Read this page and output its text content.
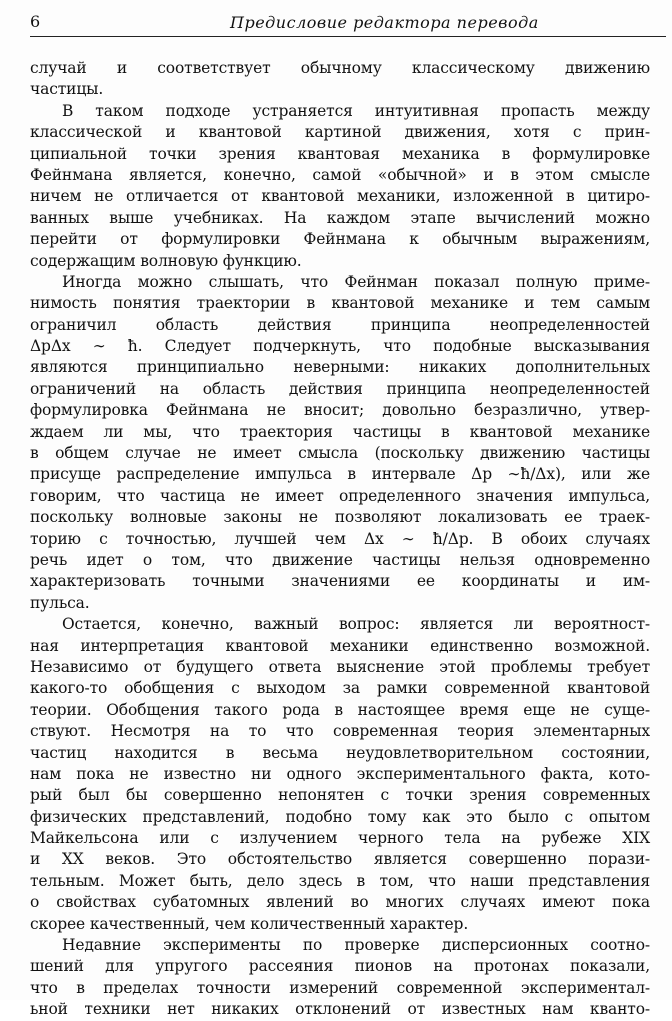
6	Предисловие редактора перевода
случай и соответствует обычному классическому движению
частицы.
В таком подходе устраняется интуитивная пропасть между
классической и квантовой картиной движения, хотя с прин-
ципиальной точки зрения квантовая механика в формулировке
Фейнмана является, конечно, самой «обычной» и в этом смысле
ничем не отличается от квантовой механики, изложенной в цитиро-
ванных выше учебниках. На каждом этапе вычислений можно
перейти от формулировки Фейнмана к обычным выражениям,
содержащим волновую функцию.
Иногда можно слышать, что Фейнман показал полную приме-
нимость понятия траектории в квантовой механике и тем самым
ограничил область действия принципа неопределенностей
ΔpΔx ∼ ħ. Следует подчеркнуть, что подобные высказывания
являются принципиально неверными: никаких дополнительных
ограничений на область действия принципа неопределенностей
формулировка Фейнмана не вносит; довольно безразлично, утвер-
ждаем ли мы, что траектория частицы в квантовой механике
в общем случае не имеет смысла (поскольку движению частицы
присуще распределение импульса в интервале Δp ∼ħ/Δx), или же
говорим, что частица не имеет определенного значения импульса,
поскольку волновые законы не позволяют локализовать ее траек-
торию с точностью, лучшей чем Δx ∼ ħ/Δp. В обоих случаях
речь идет о том, что движение частицы нельзя одновременно
характеризовать точными значениями ее координаты и им-
пульса.
Остается, конечно, важный вопрос: является ли вероятност-
ная интерпретация квантовой механики единственно возможной.
Независимо от будущего ответа выяснение этой проблемы требует
какого-то обобщения с выходом за рамки современной квантовой
теории. Обобщения такого рода в настоящее время еще не суще-
ствуют. Несмотря на то что современная теория элементарных
частиц находится в весьма неудовлетворительном состоянии,
нам пока не известно ни одного экспериментального факта, кото-
рый был бы совершенно непонятен с точки зрения современных
физических представлений, подобно тому как это было с опытом
Майкельсона или с излучением черного тела на рубеже XIX
и XX веков. Это обстоятельство является совершенно порази-
тельным. Может быть, дело здесь в том, что наши представления
о свойствах субатомных явлений во многих случаях имеют пока
скорее качественный, чем количественный характер.
Недавние эксперименты по проверке дисперсионных соотно-
шений для упругого рассеяния пионов на протонах показали,
что в пределах точности измерений современной экспериментал-
ьной техники нет никаких отклонений от известных нам кванто-
